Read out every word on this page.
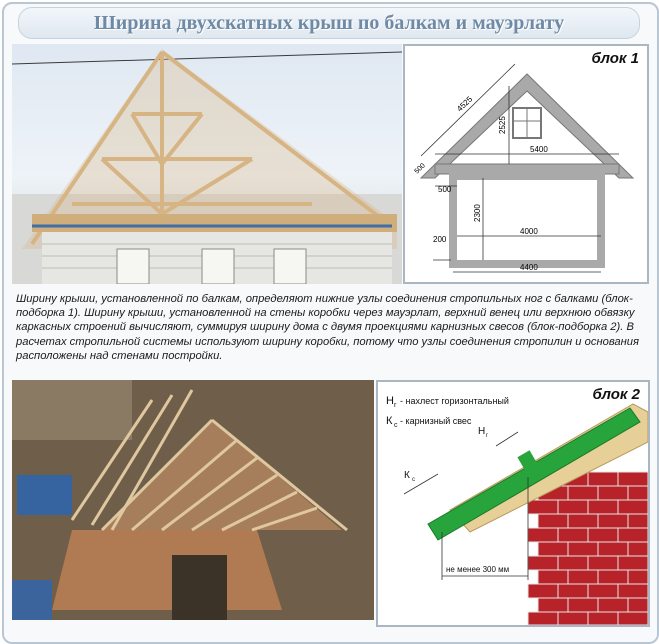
Ширина двухскатных крыш по балкам и мауэрлату
блок 1
4525
2525
5400
500
500
2300
200
4000
4400
Ширину крыши, установленной по балкам, определяют нижние узлы соединения стропильных ног с балками (блок-подборка 1). Ширину крыши, установленной на стены коробки через мауэрлат, верхний венец или верхнюю обвязку каркасных строений вычисляют, суммируя ширину дома с двумя проекциями карнизных свесов (блок-подборка 2). В расчетах стропильной системы используют ширину коробки, потому что узлы соединения стропилин и основания расположены над стенами постройки.
блок 2
Н г - нахлест горизонтальный
К с - карнизный свес
К с
Н г
не менее 300 мм
